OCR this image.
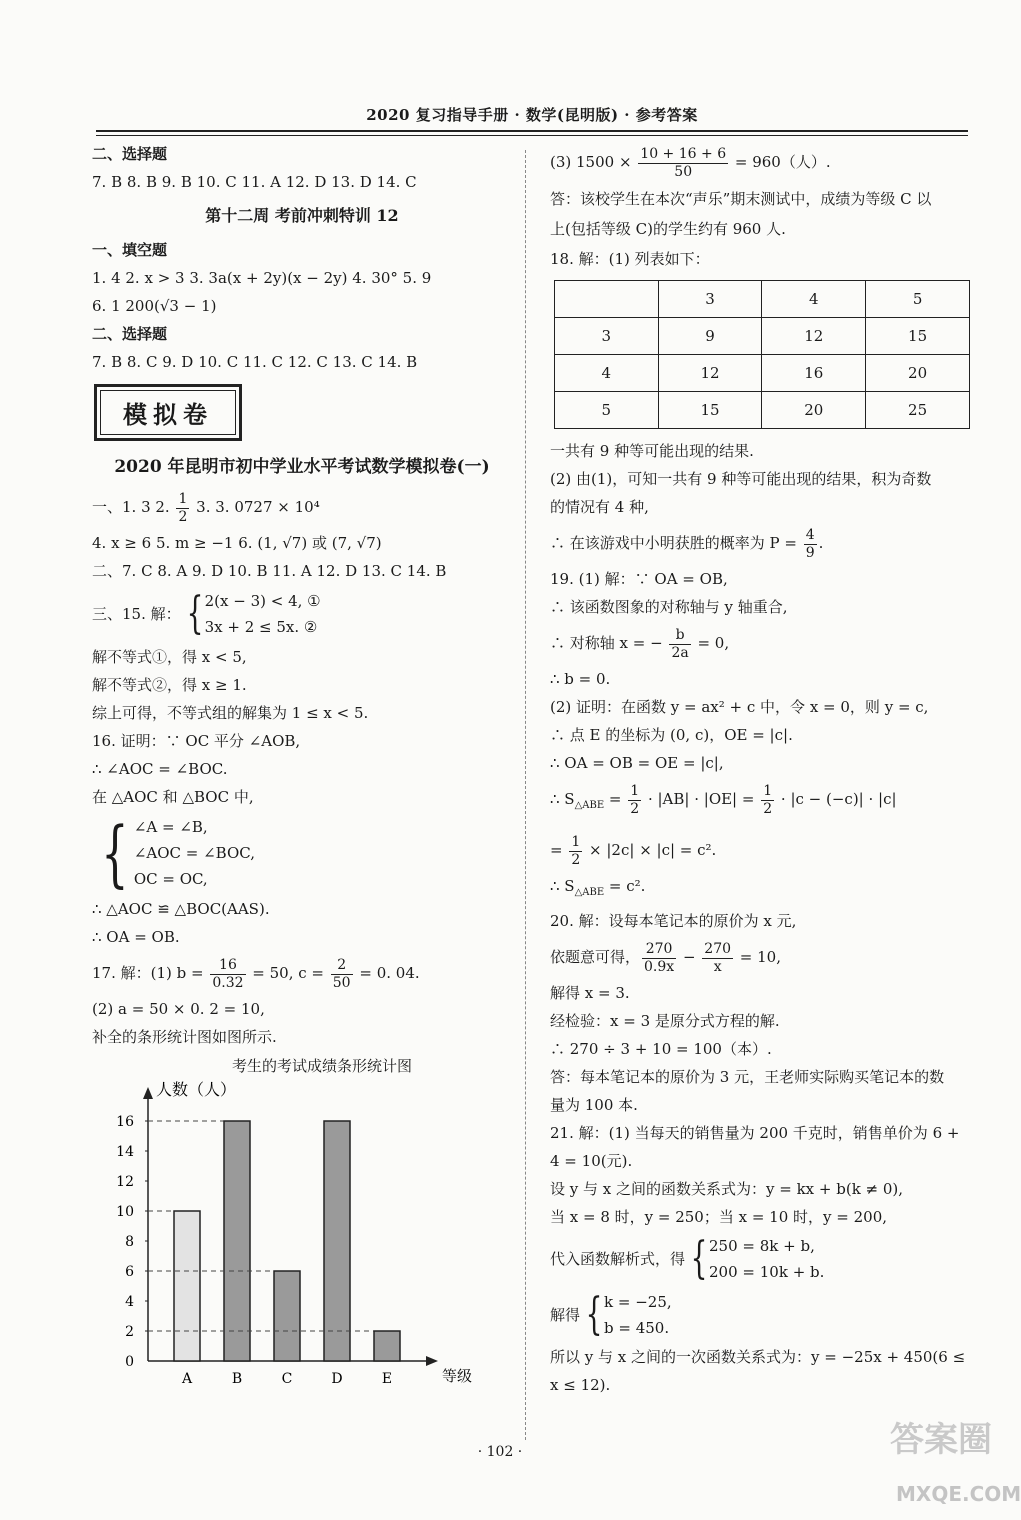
2020 复习指导手册 · 数学(昆明版) · 参考答案
二、选择题
7. B 8. B 9. B 10. C 11. A 12. D 13. D 14. C
第十二周 考前冲刺特训 12
一、填空题
1. 4 2. x > 3 3. 3a(x + 2y)(x − 2y) 4. 30° 5. 9
6. 1 200(√3 − 1)
二、选择题
7. B 8. C 9. D 10. C 11. C 12. C 13. C 14. B
模拟卷
2020 年昆明市初中学业水平考试数学模拟卷(一)
一、1. 3 2. $\frac{1}{2} 3$. 3. 0727 × 10⁴
4. x ≥ 6 5. m ≥ −1 6. (1, √7) 或 (7, √7)
二、7. C 8. A 9. D 10. B 11. A 12. D 13. C 14. B
三、15. 解： { 2(x − 3) < 4, ①
3x + 2 ≤ 5x. ②
解不等式①，得 x < 5,
解不等式②，得 x ≥ 1.
综上可得，不等式组的解集为 1 ≤ x < 5.
16. 证明：∵ OC 平分 ∠AOB,
∴ ∠AOC = ∠BOC.
在 △AOC 和 △BOC 中,
{ ∠A = ∠B,
∠AOC = ∠BOC,
OC = OC,
∴ △AOC ≌ △BOC(AAS).
∴ OA = OB.
17. 解：(1) $b = \frac{16}{0.32} = 50$, $c = \frac{2}{50} = 0$. 04.
(2) a = 50 × 0. 2 = 10,
补全的条形统计图如图所示.
考生的考试成绩条形统计图
人数（人）
等级
0
2
4
6
8
10
12
14
16
A	B	C	D	E
(3) $1500 \times \frac{10 + 16 + 6}{50} = 960$（人）.
答：该校学生在本次“声乐”期末测试中，成绩为等级 C 以
上(包括等级 C)的学生约有 960 人.
18. 解：(1) 列表如下：
	3	4	5
3	9	12	15
4	12	16	20
5	15	20	25
一共有 9 种等可能出现的结果.
(2) 由(1)，可知一共有 9 种等可能出现的结果，积为奇数
的情况有 4 种,
∴ 在该游戏中小明获胜的概率为 $P = \frac{4}{9}$ .
19. (1) 解：∵ OA = OB,
∴ 该函数图象的对称轴与 y 轴重合,
∴ 对称轴 x = − $\frac{b}{2a} = 0$,
∴ b = 0.
(2) 证明：在函数 y = ax² + c 中，令 x = 0，则 y = c,
∴ 点 E 的坐标为 (0, c)，OE = |c|.
∴ OA = OB = OE = |c|,
∴ $S_{\triangle ABE} = \frac{1}{2} \cdot |AB| \cdot |OE| = \frac{1}{2} \cdot |c - (-c)| \cdot |c|$
= $\frac{1}{2} \times |2c| \times |c| = c^2$.
∴ $S_{\triangle ABE} = c^2$.
20. 解：设每本笔记本的原价为 x 元,
依题意可得， $\frac{270}{0.9x} - \frac{270}{x} = 10$,
解得 x = 3.
经检验：x = 3 是原分式方程的解.
∴ 270 ÷ 3 + 10 = 100（本）.
答：每本笔记本的原价为 3 元，王老师实际购买笔记本的数
量为 100 本.
21. 解：(1) 当每天的销售量为 200 千克时，销售单价为 6 +
4 = 10(元).
设 y 与 x 之间的函数关系式为：y = kx + b(k ≠ 0),
当 x = 8 时，y = 250；当 x = 10 时，y = 200,
代入函数解析式，得 { 250 = 8k + b,
200 = 10k + b.
解得 { k = −25,
b = 450.
所以 y 与 x 之间的一次函数关系式为：y = −25x + 450(6 ≤
x ≤ 12).
· 102 ·	答案圈
MXQE.COM
